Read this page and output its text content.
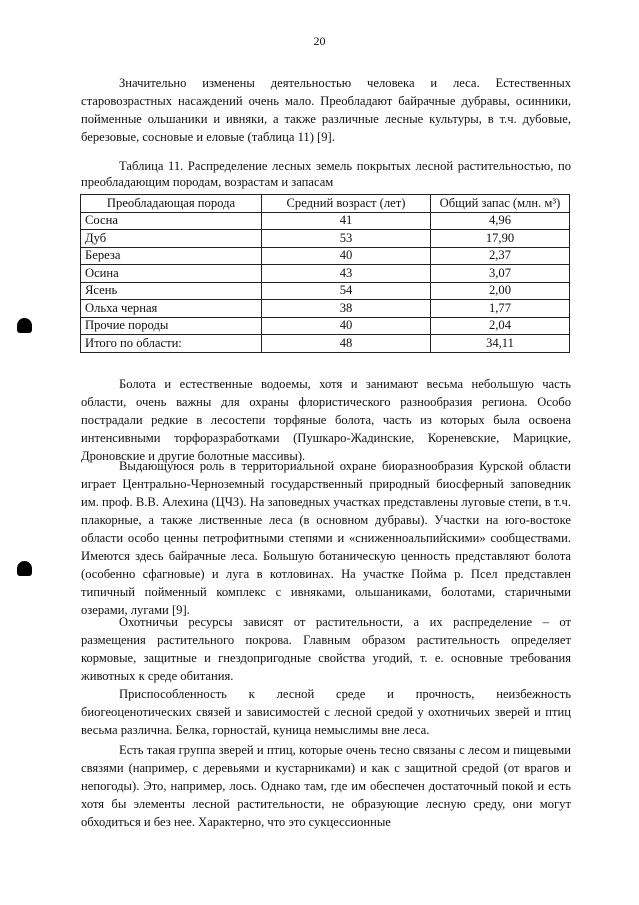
20

Значительно изменены деятельностью человека и леса. Естественных старовозрастных насаждений очень мало. Преобладают байрачные дубравы, осинники, пойменные ольшаники и ивняки, а также различные лесные культуры, в т.ч. дубовые, березовые, сосновые и еловые (таблица 11) [9].

Таблица 11. Распределение лесных земель покрытых лесной растительностью, по преобладающим породам, возрастам и запасам
Преобладающая порода	Средний возраст (лет)	Общий запас (млн. м³)
Сосна	41	4,96
Дуб	53	17,90
Береза	40	2,37
Осина	43	3,07
Ясень	54	2,00
Ольха черная	38	1,77
Прочие породы	40	2,04
Итого по области:	48	34,11

Болота и естественные водоемы, хотя и занимают весьма небольшую часть области, очень важны для охраны флористического разнообразия региона. Особо пострадали редкие в лесостепи торфяные болота, часть из которых была освоена интенсивными торфоразработками (Пушкаро-Жадинские, Кореневские, Марицкие, Дроновские и другие болотные массивы).

Выдающуюся роль в территориальной охране биоразнообразия Курской области играет Центрально-Черноземный государственный природный биосферный заповедник им. проф. В.В. Алехина (ЦЧЗ). На заповедных участках представлены луговые степи, в т.ч. плакорные, а также лиственные леса (в основном дубравы). Участки на юго-востоке области особо ценны петрофитными степями и «сниженноальпийскими» сообществами. Имеются здесь байрачные леса. Большую ботаническую ценность представляют болота (особенно сфагновые) и луга в котловинах. На участке Пойма р. Псел представлен типичный пойменный комплекс с ивняками, ольшаниками, болотами, старичными озерами, лугами [9].

Охотничьи ресурсы зависят от растительности, а их распределение – от размещения растительного покрова. Главным образом растительность определяет кормовые, защитные и гнездопригодные свойства угодий, т. е. основные требования животных к среде обитания.

Приспособленность к лесной среде и прочность, неизбежность биогеоценотических связей и зависимостей с лесной средой у охотничьих зверей и птиц весьма различна. Белка, горностай, куница немыслимы вне леса.

Есть такая группа зверей и птиц, которые очень тесно связаны с лесом и пищевыми связями (например, с деревьями и кустарниками) и как с защитной средой (от врагов и непогоды). Это, например, лось. Однако там, где им обеспечен достаточный покой и есть хотя бы элементы лесной растительности, не образующие лесную среду, они могут обходиться и без нее. Характерно, что это сукцессионные
